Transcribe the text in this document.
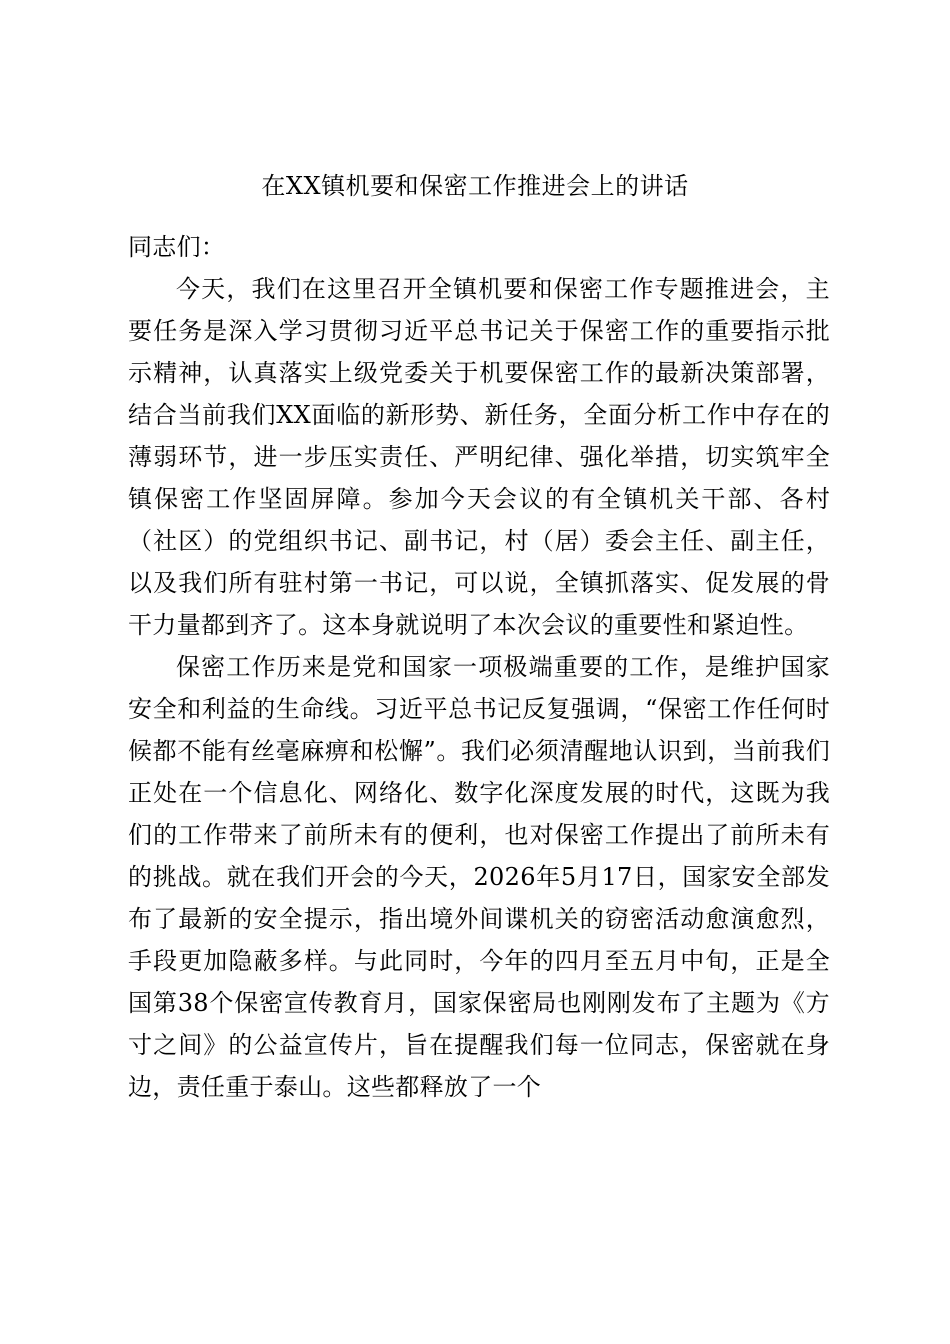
在XX镇机要和保密工作推进会上的讲话

同志们：

今天，我们在这里召开全镇机要和保密工作专题推进会，主要任务是深入学习贯彻习近平总书记关于保密工作的重要指示批示精神，认真落实上级党委关于机要保密工作的最新决策部署，结合当前我们XX面临的新形势、新任务，全面分析工作中存在的薄弱环节，进一步压实责任、严明纪律、强化举措，切实筑牢全镇保密工作坚固屏障。参加今天会议的有全镇机关干部、各村（社区）的党组织书记、副书记，村（居）委会主任、副主任，以及我们所有驻村第一书记，可以说，全镇抓落实、促发展的骨干力量都到齐了。这本身就说明了本次会议的重要性和紧迫性。

保密工作历来是党和国家一项极端重要的工作，是维护国家安全和利益的生命线。习近平总书记反复强调，“保密工作任何时候都不能有丝毫麻痹和松懈”。我们必须清醒地认识到，当前我们正处在一个信息化、网络化、数字化深度发展的时代，这既为我们的工作带来了前所未有的便利，也对保密工作提出了前所未有的挑战。就在我们开会的今天，2026年5月17日，国家安全部发布了最新的安全提示，指出境外间谍机关的窃密活动愈演愈烈，手段更加隐蔽多样。与此同时，今年的四月至五月中旬，正是全国第38个保密宣传教育月，国家保密局也刚刚发布了主题为《方寸之间》的公益宣传片，旨在提醒我们每一位同志，保密就在身边，责任重于泰山。这些都释放了一个
